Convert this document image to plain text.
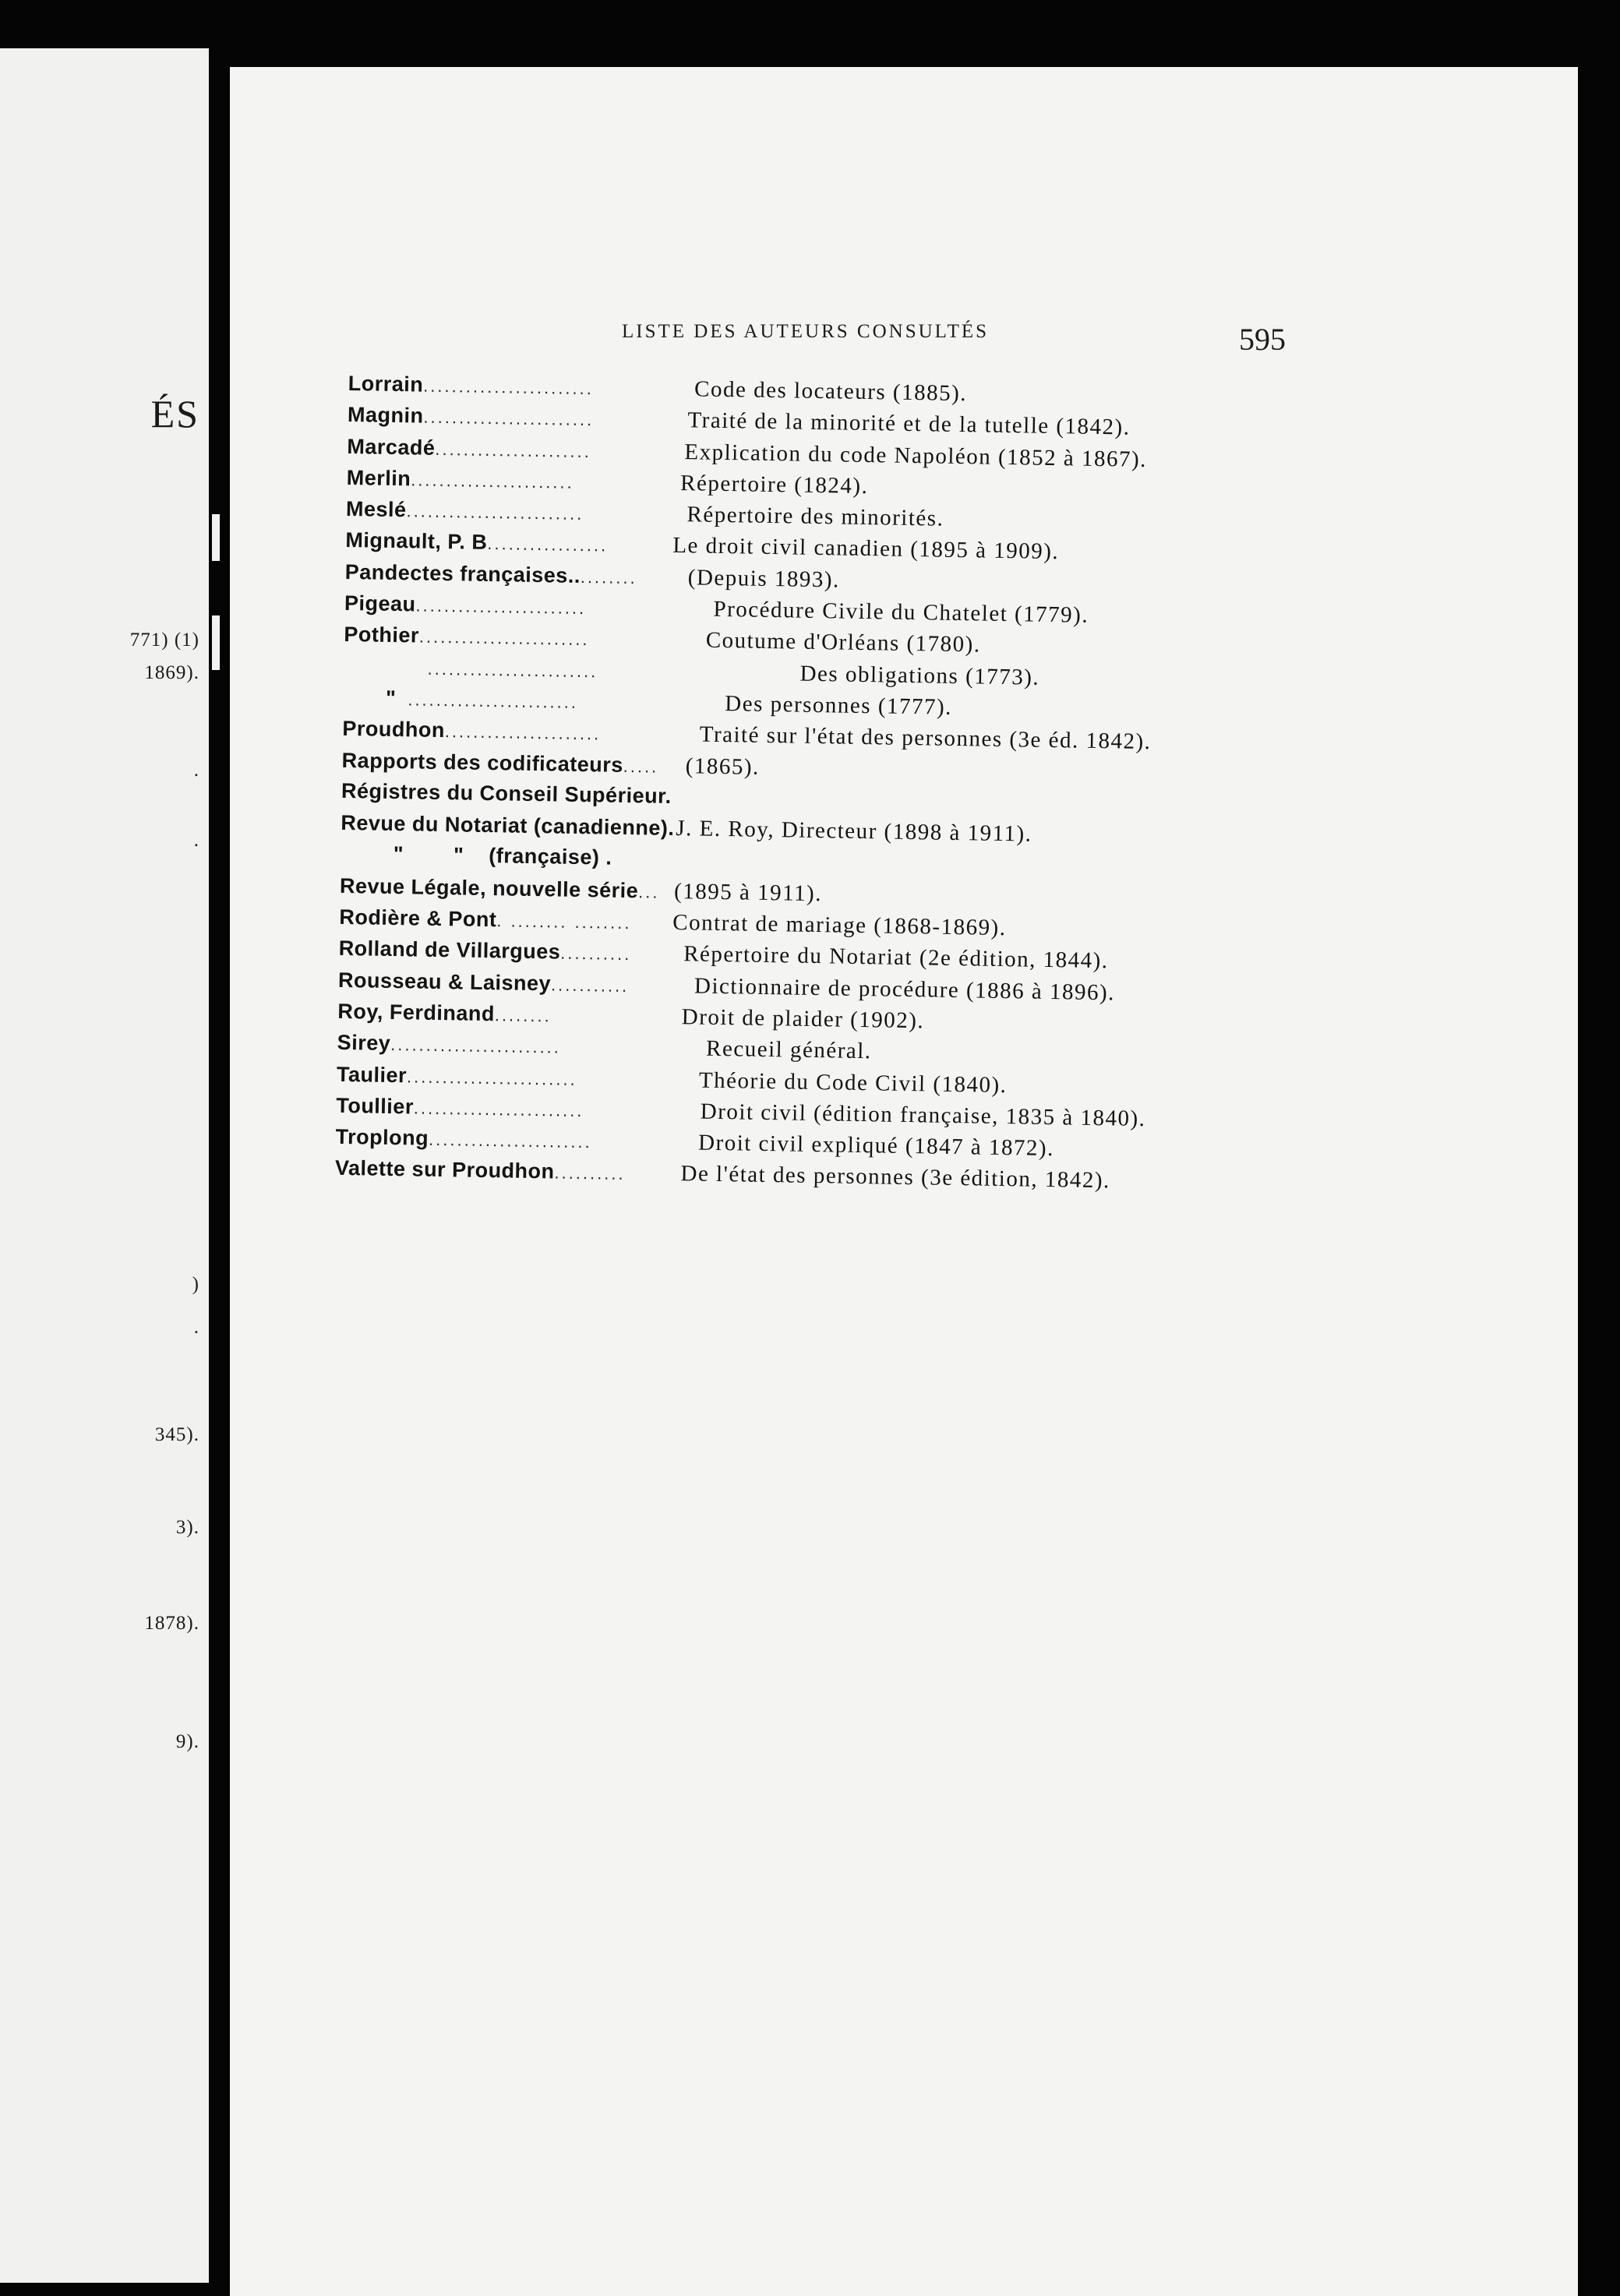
ÉS
771) (1)
1869).
.
.
)
.
345).
3).
1878).
9).
LISTE DES AUTEURS CONSULTÉS	595
Lorrain ........................	Code des locateurs (1885).
Magnin ........................	Traité de la minorité et de la tutelle (1842).
Marcadé ......................	Explication du code Napoléon (1852 à 1867).
Merlin .......................	Répertoire (1824).
Meslé .........................	Répertoire des minorités.
Mignault, P. B .................	Le droit civil canadien (1895 à 1909).
Pandectes françaises.. ........	(Depuis 1893).
Pigeau ........................	Procédure Civile du Chatelet (1779).
Pothier ........................	Coutume d'Orléans (1780).
........................	Des obligations (1773).
" ........................	Des personnes (1777).
Proudhon ......................	Traité sur l'état des personnes (3e éd. 1842).
Rapports des codificateurs .....	(1865).
Régistres du Conseil Supérieur.
Revue du Notariat (canadienne). J. E. Roy, Directeur (1898 à 1911).
"        "    (française) .
Revue Légale, nouvelle série ... (1895 à 1911).
Rodière & Pont . ........ ........	Contrat de mariage (1868-1869).
Rolland de Villargues ..........	Répertoire du Notariat (2e édition, 1844).
Rousseau & Laisney ...........	Dictionnaire de procédure (1886 à 1896).
Roy, Ferdinand ........	Droit de plaider (1902).
Sirey ........................	Recueil général.
Taulier ........................	Théorie du Code Civil (1840).
Toullier ........................	Droit civil (édition française, 1835 à 1840).
Troplong .......................	Droit civil expliqué (1847 à 1872).
Valette sur Proudhon ..........	De l'état des personnes (3e édition, 1842).
